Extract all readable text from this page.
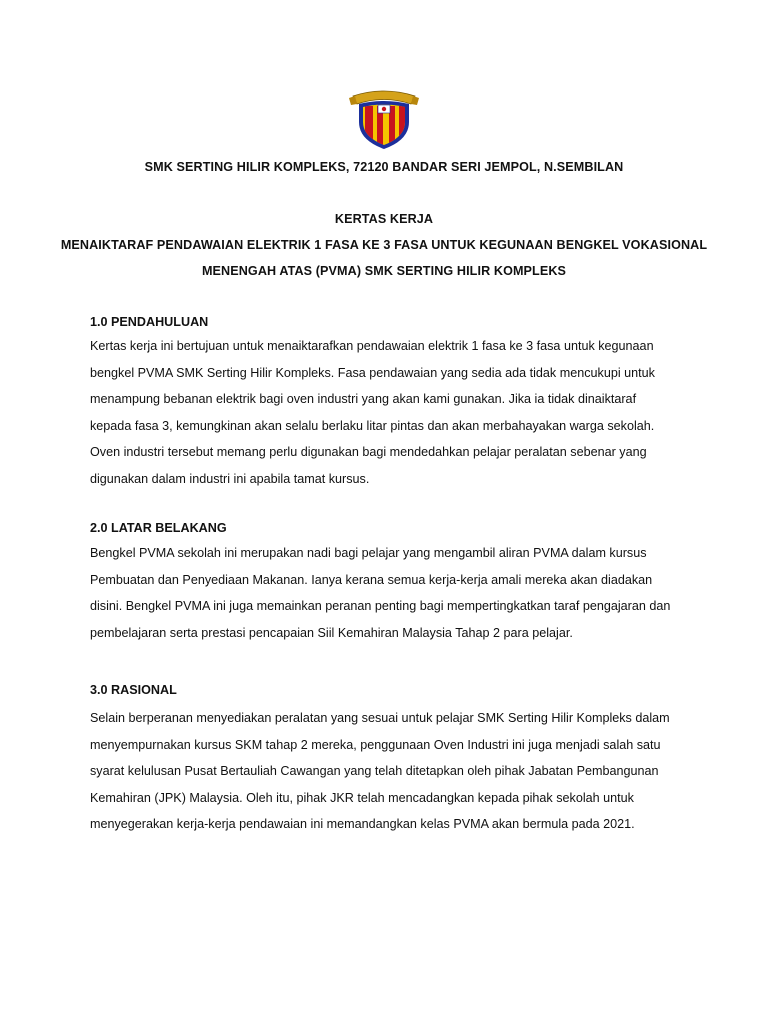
SMK SERTING HILIR KOMPLEKS, 72120 BANDAR SERI JEMPOL, N.SEMBILAN
KERTAS KERJA
MENAIKTARAF PENDAWAIAN ELEKTRIK 1 FASA KE 3 FASA UNTUK KEGUNAAN BENGKEL VOKASIONAL
MENENGAH ATAS (PVMA) SMK SERTING HILIR KOMPLEKS
1.0 PENDAHULUAN
Kertas kerja ini bertujuan untuk menaiktarafkan pendawaian elektrik 1 fasa ke 3 fasa untuk kegunaan
bengkel PVMA SMK Serting Hilir Kompleks. Fasa pendawaian yang sedia ada tidak mencukupi untuk
menampung bebanan elektrik bagi oven industri yang akan kami gunakan. Jika ia tidak dinaiktaraf
kepada fasa 3, kemungkinan akan selalu berlaku litar pintas dan akan merbahayakan warga sekolah.
Oven industri tersebut memang perlu digunakan bagi mendedahkan pelajar peralatan sebenar yang
digunakan dalam industri ini apabila tamat kursus.
2.0 LATAR BELAKANG
Bengkel PVMA sekolah ini merupakan nadi bagi pelajar yang mengambil aliran PVMA dalam kursus
Pembuatan dan Penyediaan Makanan. Ianya kerana semua kerja-kerja amali mereka akan diadakan
disini. Bengkel PVMA ini juga memainkan peranan penting bagi mempertingkatkan taraf pengajaran dan
pembelajaran serta prestasi pencapaian Siil Kemahiran Malaysia Tahap 2 para pelajar.
3.0 RASIONAL
Selain berperanan menyediakan peralatan yang sesuai untuk pelajar SMK Serting Hilir Kompleks dalam
menyempurnakan kursus SKM tahap 2 mereka, penggunaan Oven Industri ini juga menjadi salah satu
syarat kelulusan Pusat Bertauliah Cawangan yang telah ditetapkan oleh pihak Jabatan Pembangunan
Kemahiran (JPK) Malaysia. Oleh itu, pihak JKR telah mencadangkan kepada pihak sekolah untuk
menyegerakan kerja-kerja pendawaian ini memandangkan kelas PVMA akan bermula pada 2021.
